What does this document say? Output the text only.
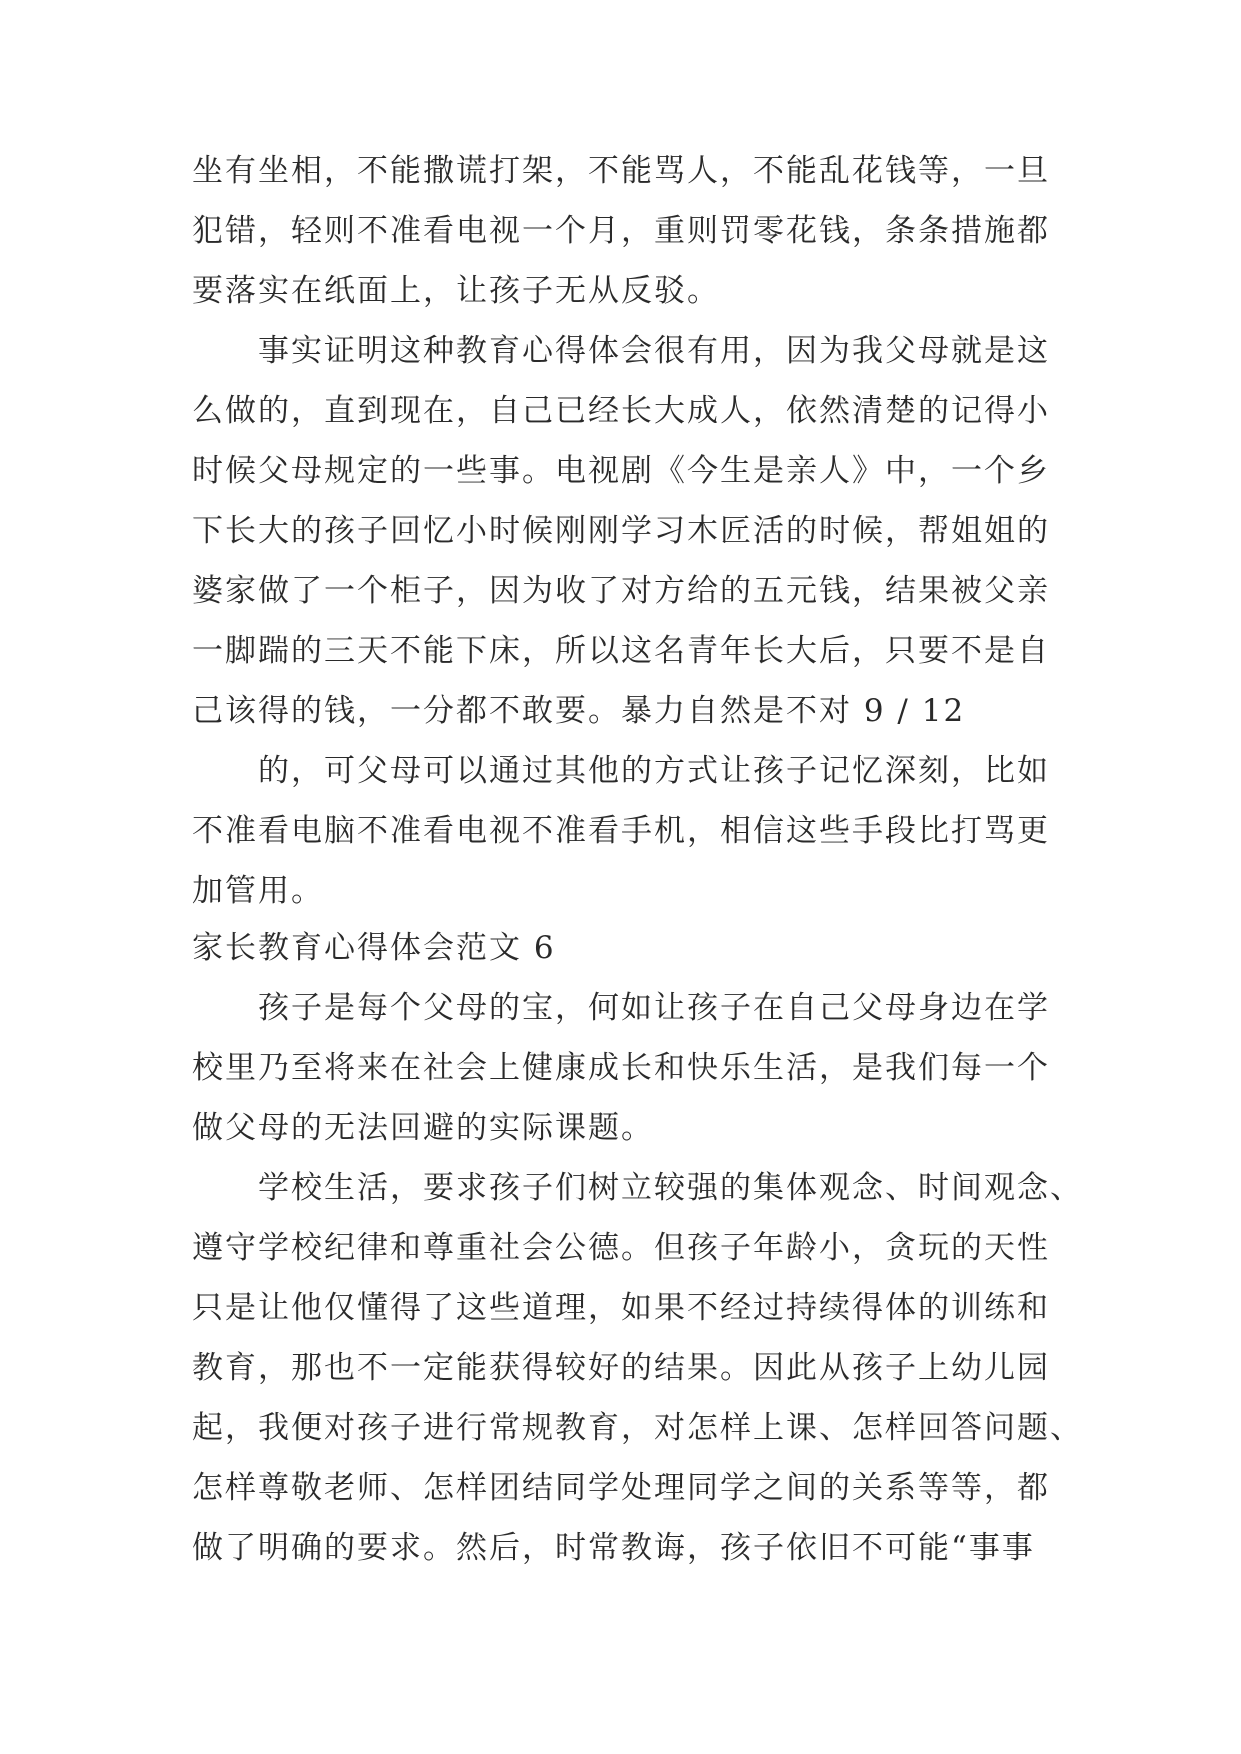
坐有坐相，不能撒谎打架，不能骂人，不能乱花钱等，一旦
犯错，轻则不准看电视一个月，重则罚零花钱，条条措施都
要落实在纸面上，让孩子无从反驳。
事实证明这种教育心得体会很有用，因为我父母就是这
么做的，直到现在，自己已经长大成人，依然清楚的记得小
时候父母规定的一些事。电视剧《今生是亲人》中，一个乡
下长大的孩子回忆小时候刚刚学习木匠活的时候，帮姐姐的
婆家做了一个柜子，因为收了对方给的五元钱，结果被父亲
一脚踹的三天不能下床，所以这名青年长大后，只要不是自
己该得的钱，一分都不敢要。暴力自然是不对 9 / 12
的，可父母可以通过其他的方式让孩子记忆深刻，比如
不准看电脑不准看电视不准看手机，相信这些手段比打骂更
加管用。
家长教育心得体会范文 6
孩子是每个父母的宝，何如让孩子在自己父母身边在学
校里乃至将来在社会上健康成长和快乐生活，是我们每一个
做父母的无法回避的实际课题。
学校生活，要求孩子们树立较强的集体观念、时间观念、
遵守学校纪律和尊重社会公德。但孩子年龄小，贪玩的天性
只是让他仅懂得了这些道理，如果不经过持续得体的训练和
教育，那也不一定能获得较好的结果。因此从孩子上幼儿园
起，我便对孩子进行常规教育，对怎样上课、怎样回答问题、
怎样尊敬老师、怎样团结同学处理同学之间的关系等等，都
做了明确的要求。然后，时常教诲，孩子依旧不可能“事事
